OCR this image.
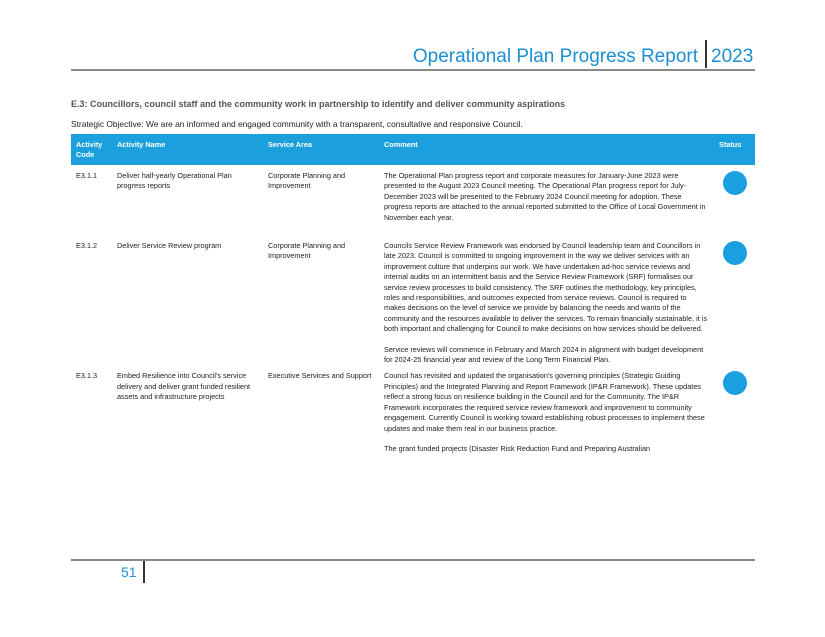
Operational Plan Progress Report 2023
E.3: Councillors, council staff and the community work in partnership to identify and deliver community aspirations
Strategic Objective: We are an informed and engaged community with a transparent, consultative and responsive Council.
Activity Code	Activity Name	Service Area	Comment	Status
E3.1.1	Deliver half-yearly Operational Plan progress reports	Corporate Planning and Improvement	The Operational Plan progress report and corporate measures for January-June 2023 were presented to the August 2023 Council meeting. The Operational Plan progress report for July-December 2023 will be presented to the February 2024 Council meeting for adoption. These progress reports are attached to the annual reported submitted to the Office of Local Government in November each year.	

E3.1.2	Deliver Service Review program	Corporate Planning and Improvement	Councils Service Review Framework was endorsed by Council leadership team and Councillors in late 2023. Council is committed to ongoing improvement in the way we deliver services with an improvement culture that underpins our work. We have undertaken ad-hoc service reviews and internal audits on an intermittent basis and the Service Review Framework (SRF) formalises our service review processes to build consistency. The SRF outlines the methodology, key principles, roles and responsibilities, and outcomes expected from service reviews. Council is required to makes decisions on the level of service we provide by balancing the needs and wants of the community and the resources available to deliver the services. To remain financially sustainable, it is both important and challenging for Council to make decisions on how services should be delivered.
Service reviews will commence in February and March 2024 in alignment with budget development for 2024-25 financial year and review of the Long Term Financial Plan.	

E3.1.3	Embed Resilience into Council's service delivery and deliver grant funded resilient assets and infrastructure projects	Executive Services and Support	Council has revisited and updated the organisation's governing principles (Strategic Guiding Principles) and the Integrated Planning and Report Framework (IP&R Framework). These updates reflect a strong focus on resilience building in the Council and for the Community. The IP&R Framework incorporates the required service review framework and improvement to community engagement. Currently Council is working toward establishing robust processes to implement these updates and make them real in our business practice.
The grant funded projects (Disaster Risk Reduction Fund and Preparing Australian	

51
